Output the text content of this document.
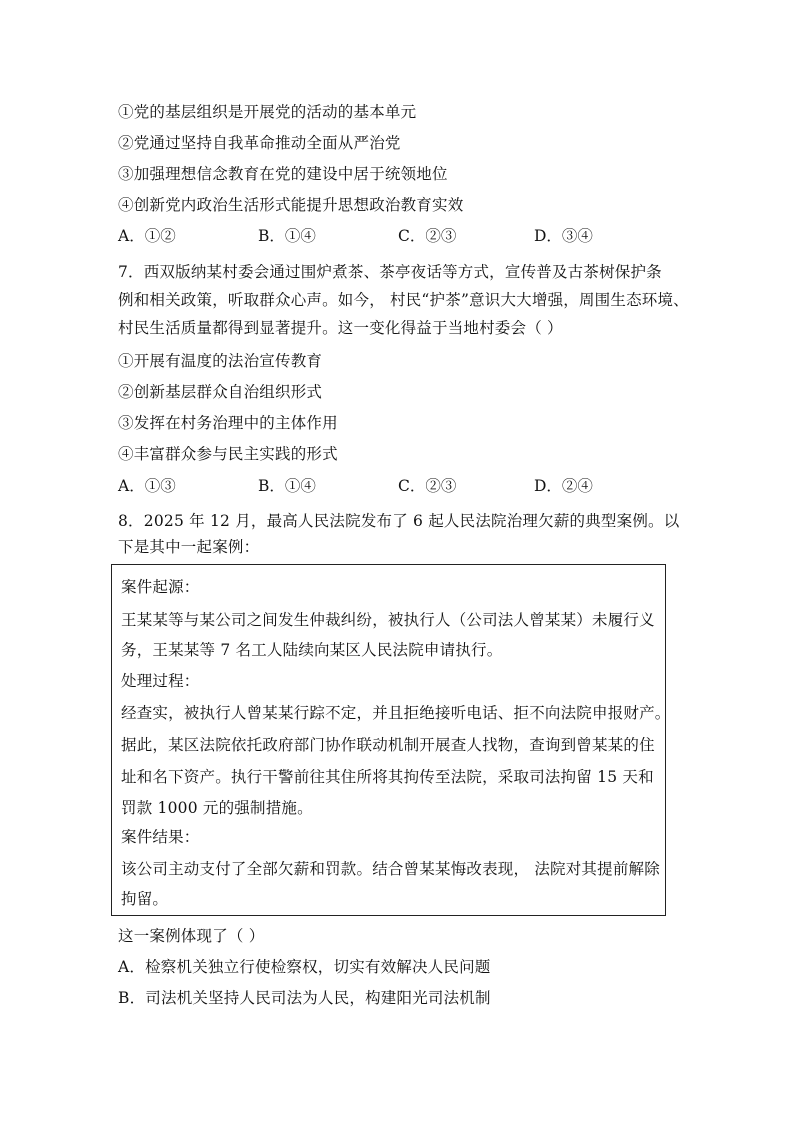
①党的基层组织是开展党的活动的基本单元
②党通过坚持自我革命推动全面从严治党
③加强理想信念教育在党的建设中居于统领地位
④创新党内政治生活形式能提升思想政治教育实效
A．①②	B．①④	C．②③	D．③④
7．西双版纳某村委会通过围炉煮茶、茶亭夜话等方式，宣传普及古茶树保护条
例和相关政策，听取群众心声。如今， 村民“护茶”意识大大增强，周围生态环境、
村民生活质量都得到显著提升。这一变化得益于当地村委会（ ）
①开展有温度的法治宣传教育
②创新基层群众自治组织形式
③发挥在村务治理中的主体作用
④丰富群众参与民主实践的形式
A．①③	B．①④	C．②③	D．②④
8．2025 年 12 月，最高人民法院发布了 6 起人民法院治理欠薪的典型案例。以
下是其中一起案例：
案件起源：
王某某等与某公司之间发生仲裁纠纷，被执行人（公司法人曾某某）未履行义
务，王某某等 7 名工人陆续向某区人民法院申请执行。
处理过程：
经查实，被执行人曾某某行踪不定，并且拒绝接听电话、拒不向法院申报财产。
据此，某区法院依托政府部门协作联动机制开展查人找物，查询到曾某某的住
址和名下资产。执行干警前往其住所将其拘传至法院，采取司法拘留 15 天和
罚款 1000 元的强制措施。
案件结果：
该公司主动支付了全部欠薪和罚款。结合曾某某悔改表现， 法院对其提前解除
拘留。
这一案例体现了（ ）
A．检察机关独立行使检察权，切实有效解决人民问题
B．司法机关坚持人民司法为人民，构建阳光司法机制
